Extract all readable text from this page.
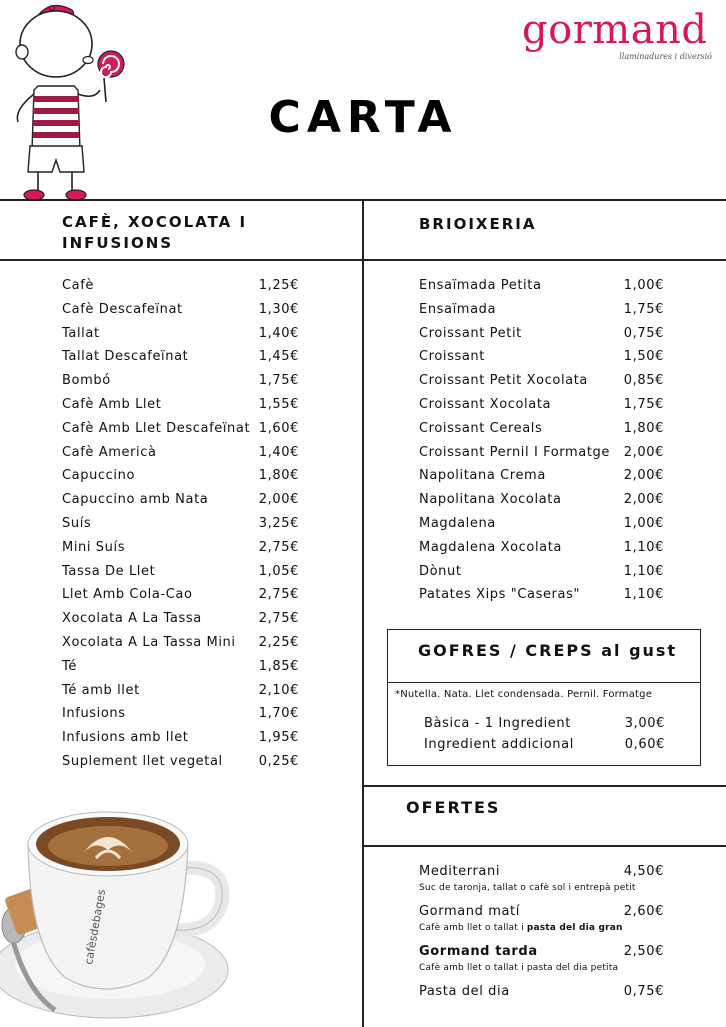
gormand
llaminadures i diversió
CARTA
CAFÈ, XOCOLATA I
INFUSIONS
BRIOIXERIA
OFERTES
Cafè	1,25€
Cafè Descafeïnat	1,30€
Tallat	1,40€
Tallat Descafeïnat	1,45€
Bombó	1,75€
Cafè Amb Llet	1,55€
Cafè Amb Llet Descafeïnat 1,60€
Cafè Americà	1,40€
Capuccino	1,80€
Capuccino amb Nata	2,00€
Suís	3,25€
Mini Suís	2,75€
Tassa De Llet	1,05€
Llet Amb Cola-Cao	2,75€
Xocolata A La Tassa	2,75€
Xocolata A La Tassa Mini 2,25€
Té	1,85€
Té amb llet	2,10€
Infusions	1,70€
Infusions amb llet	1,95€
Suplement llet vegetal	0,25€
Ensaïmada Petita	1,00€
Ensaïmada	1,75€
Croissant Petit	0,75€
Croissant	1,50€
Croissant Petit Xocolata	0,85€
Croissant Xocolata	1,75€
Croissant Cereals	1,80€
Croissant Pernil I Formatge 2,00€
Napolitana Crema	2,00€
Napolitana Xocolata	2,00€
Magdalena	1,00€
Magdalena Xocolata	1,10€
Dònut	1,10€
Patates Xips "Caseras"	1,10€
GOFRES / CREPS al gust
*Nutella. Nata. Llet condensada. Pernil. Formatge
Bàsica - 1 Ingredient	3,00€
Ingredient addicional	0,60€
Mediterrani	4,50€
Suc de taronja, tallat o cafè sol i entrepà petit
Gormand matí	2,60€
Cafè amb llet o tallat i pasta del dia gran
Gormand tarda	2,50€
Cafè amb llet o tallat i pasta del dia petita
Pasta del dia	0,75€
cafèsdebages
